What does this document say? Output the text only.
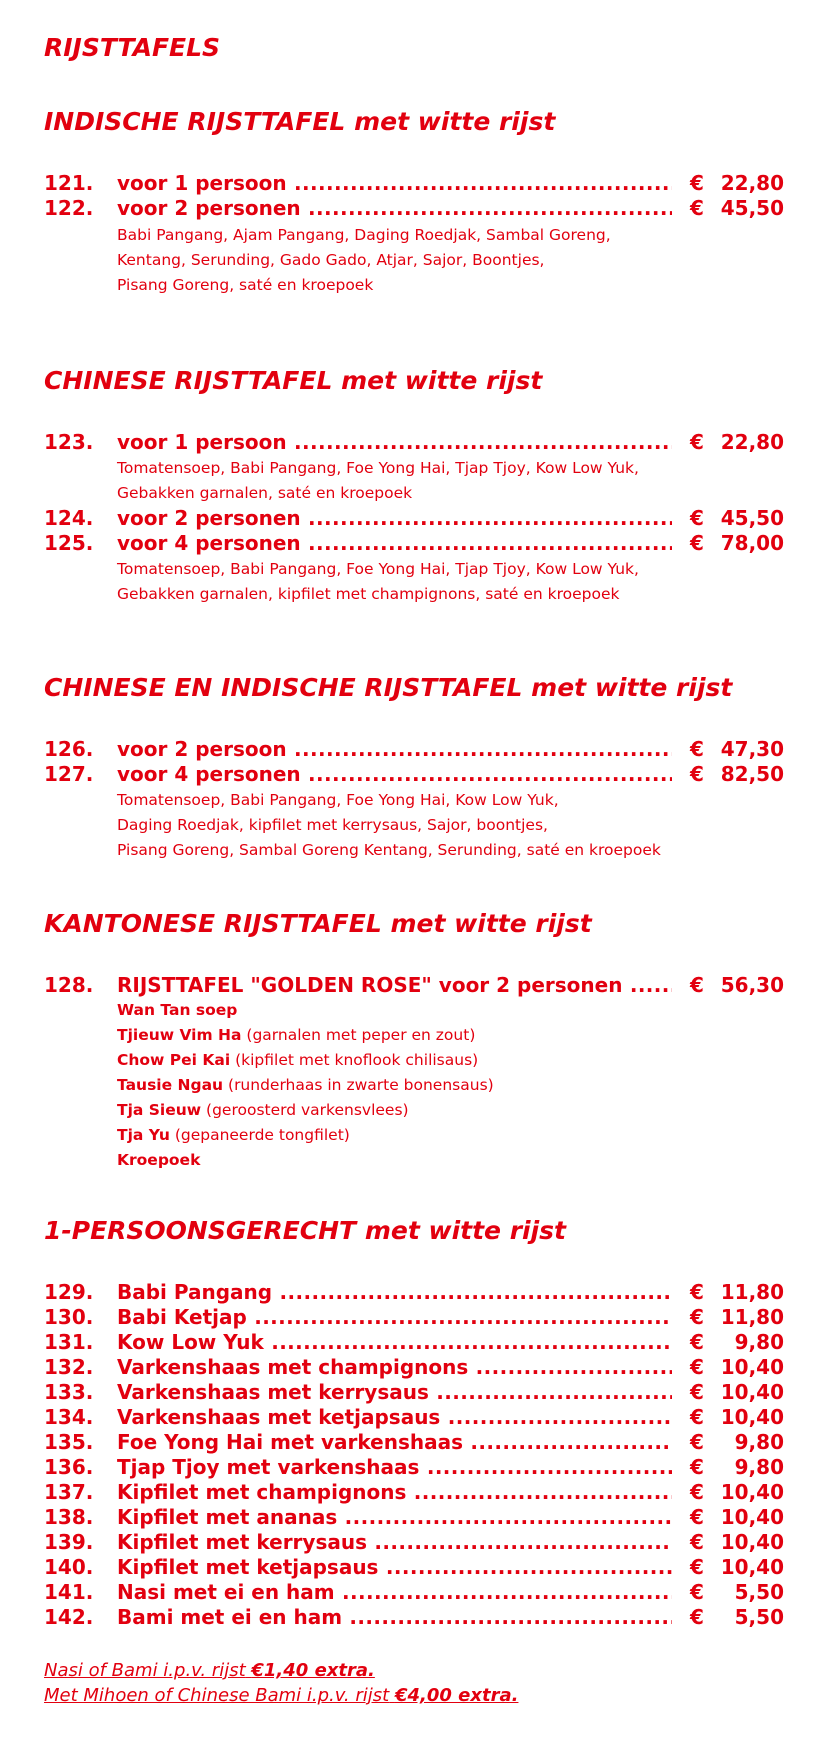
RIJSTTAFELS
INDISCHE RIJSTTAFEL met witte rijst
121. voor 1 persoon .....	€ 22,80
122. voor 2 personen .....	€ 45,50
Babi Pangang, Ajam Pangang, Daging Roedjak, Sambal Goreng,
Kentang, Serunding, Gado Gado, Atjar, Sajor, Boontjes,
Pisang Goreng, saté en kroepoek
CHINESE RIJSTTAFEL met witte rijst
123. voor 1 persoon .....	€ 22,80
Tomatensoep, Babi Pangang, Foe Yong Hai, Tjap Tjoy, Kow Low Yuk,
Gebakken garnalen, saté en kroepoek
124. voor 2 personen .....	€ 45,50
125. voor 4 personen .....	€ 78,00
Tomatensoep, Babi Pangang, Foe Yong Hai, Tjap Tjoy, Kow Low Yuk,
Gebakken garnalen, kipfilet met champignons, saté en kroepoek
CHINESE EN INDISCHE RIJSTTAFEL met witte rijst
126. voor 2 persoon .....	€ 47,30
127. voor 4 personen .....	€ 82,50
Tomatensoep, Babi Pangang, Foe Yong Hai, Kow Low Yuk,
Daging Roedjak, kipfilet met kerrysaus, Sajor, boontjes,
Pisang Goreng, Sambal Goreng Kentang, Serunding, saté en kroepoek
KANTONESE RIJSTTAFEL met witte rijst
128. RIJSTTAFEL "GOLDEN ROSE" voor 2 personen .....	€ 56,30
Wan Tan soep
Tjieuw Vim Ha (garnalen met peper en zout)
Chow Pei Kai (kipfilet met knoflook chilisaus)
Tausie Ngau (runderhaas in zwarte bonensaus)
Tja Sieuw (geroosterd varkensvlees)
Tja Yu (gepaneerde tongfilet)
Kroepoek
1-PERSOONSGERECHT met witte rijst
129. Babi Pangang .....	€ 11,80
130. Babi Ketjap .....	€ 11,80
131. Kow Low Yuk .....	€ 9,80
132. Varkenshaas met champignons .....	€ 10,40
133. Varkenshaas met kerrysaus .....	€ 10,40
134. Varkenshaas met ketjapsaus .....	€ 10,40
135. Foe Yong Hai met varkenshaas .....	€ 9,80
136. Tjap Tjoy met varkenshaas .....	€ 9,80
137. Kipfilet met champignons .....	€ 10,40
138. Kipfilet met ananas .....	€ 10,40
139. Kipfilet met kerrysaus .....	€ 10,40
140. Kipfilet met ketjapsaus .....	€ 10,40
141. Nasi met ei en ham .....	€ 5,50
142. Bami met ei en ham .....	€ 5,50
Nasi of Bami i.p.v. rijst €1,40 extra.
Met Mihoen of Chinese Bami i.p.v. rijst €4,00 extra.
